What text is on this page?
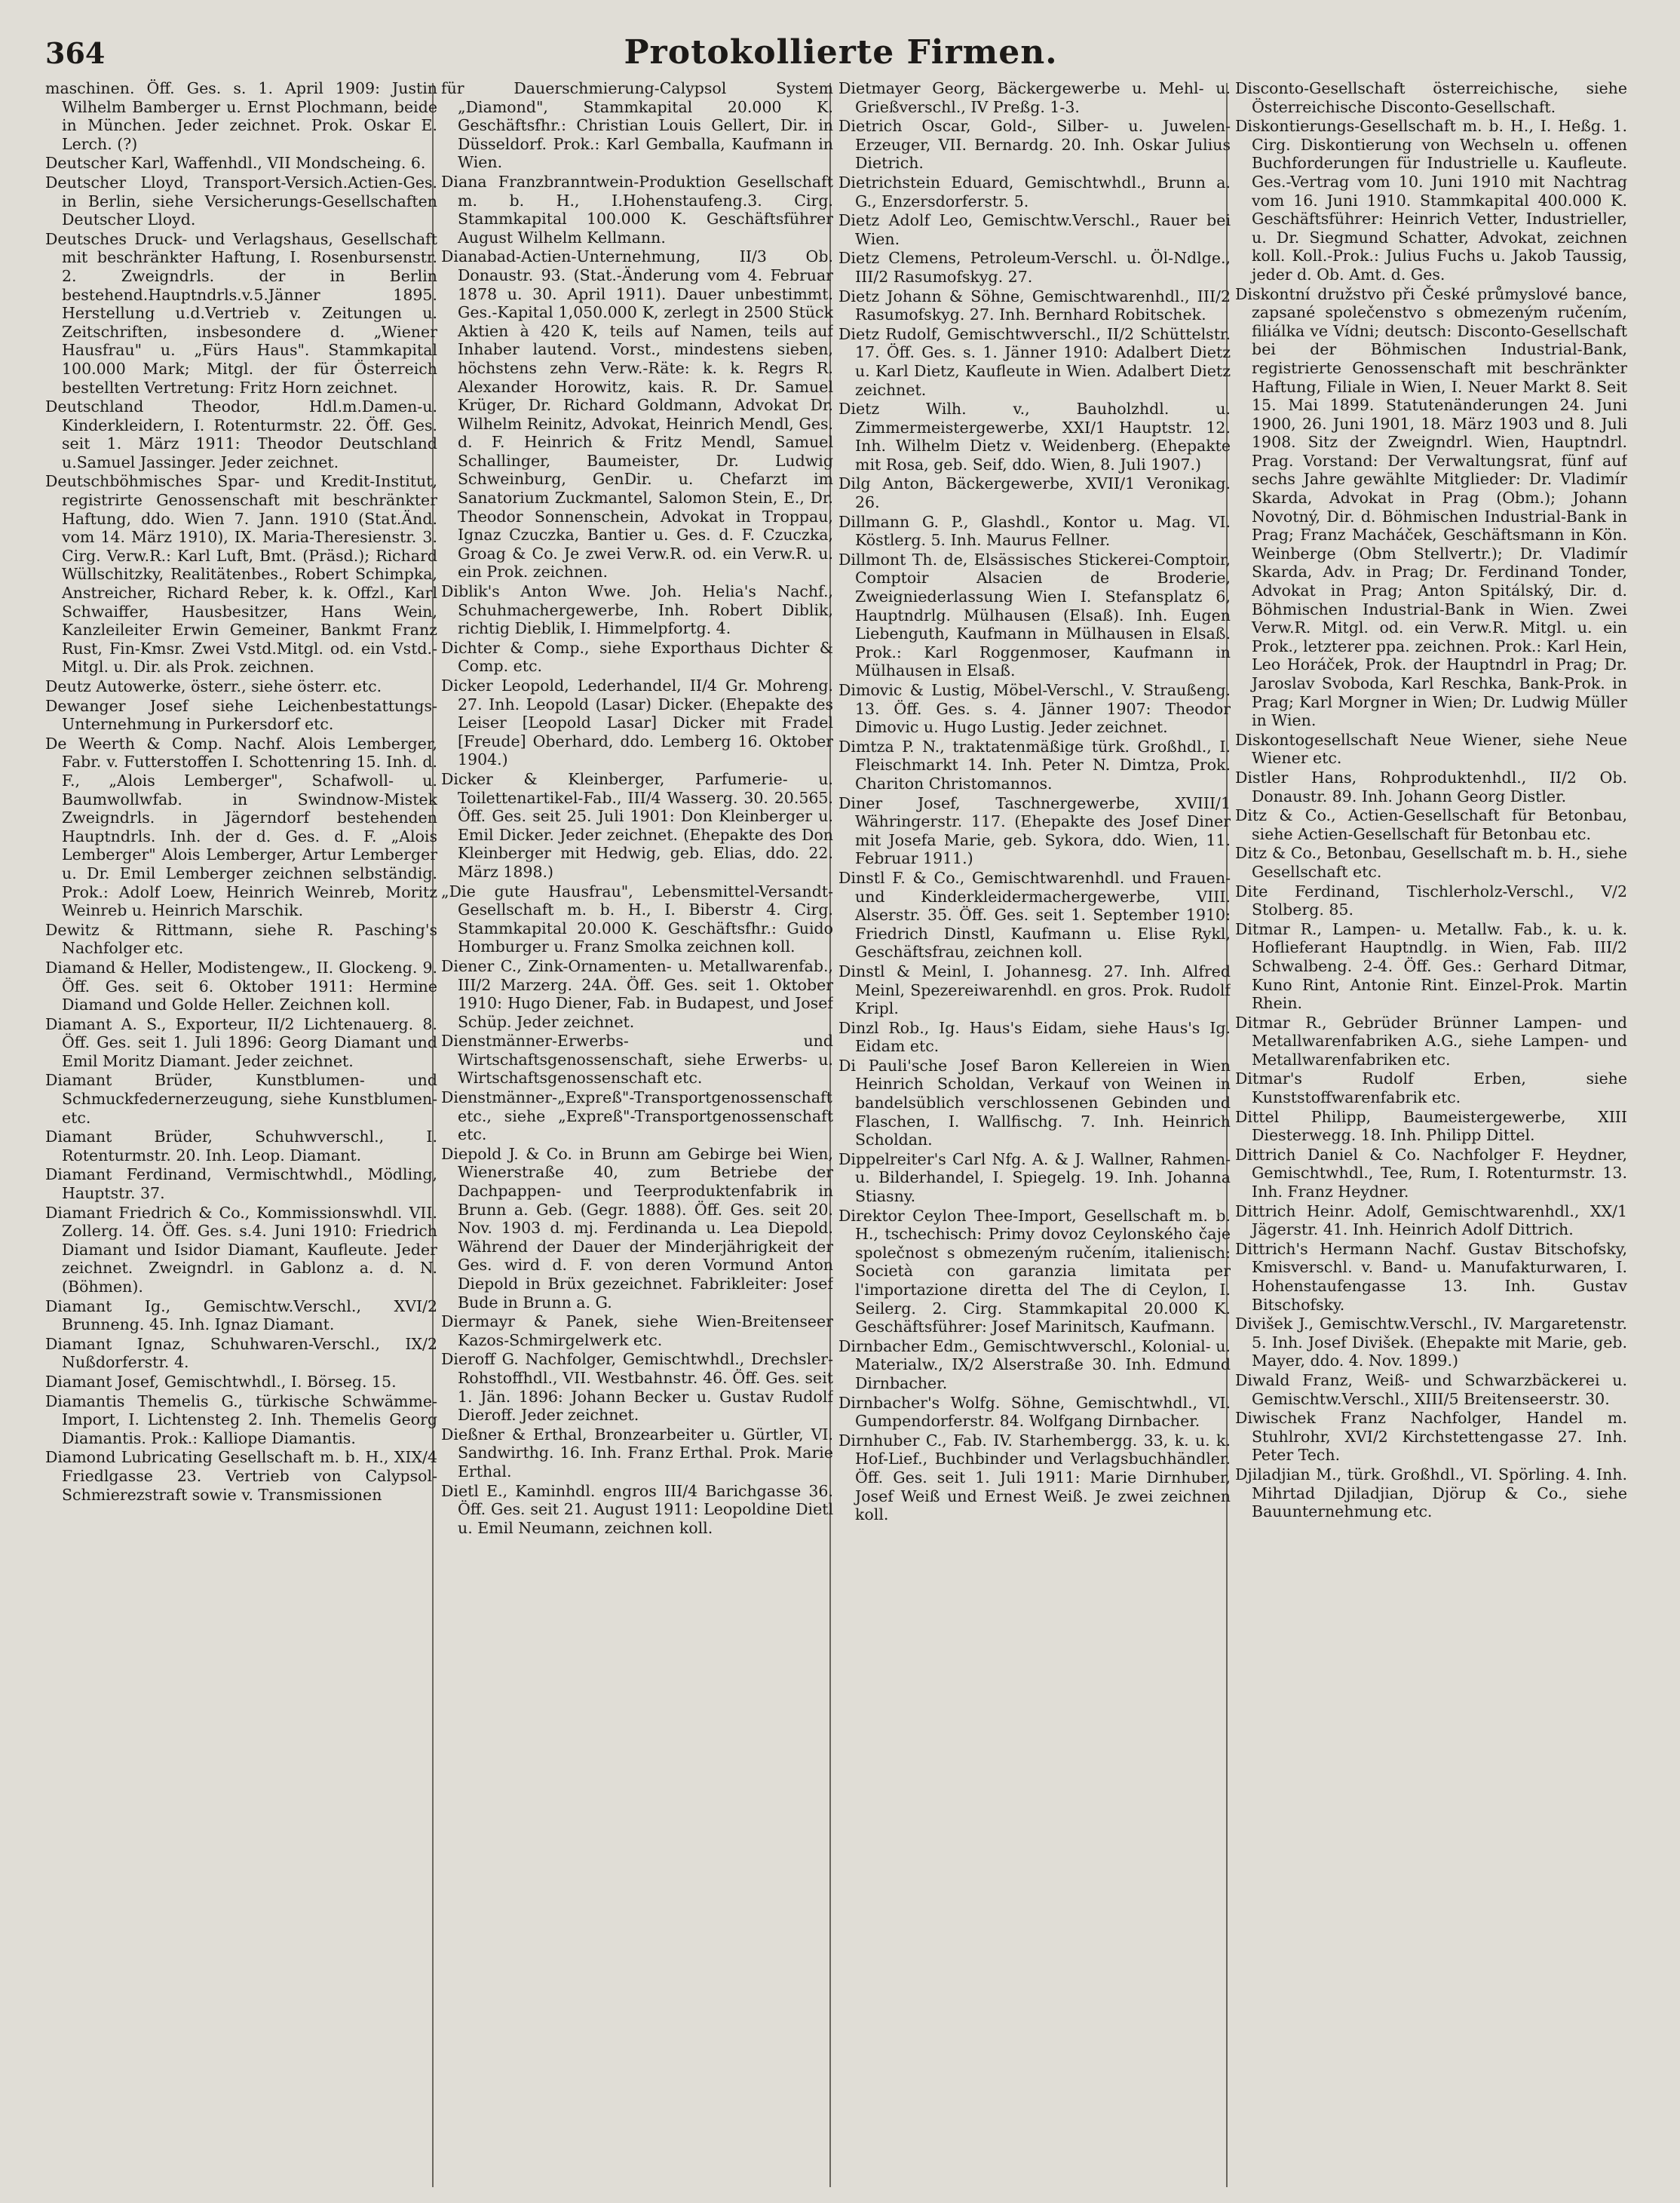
364	Protokollierte Firmen.
maschinen. Öff. Ges. s. 1. April 1909: Justin Wilhelm Bamberger u. Ernst Plochmann, beide in München. Jeder zeichnet. Prok. Oskar E. Lerch. (?)
Deutscher Karl, Waffenhdl., VII Mondscheing. 6.
Deutscher Lloyd, Transport-Versich.Actien-Ges. in Berlin, siehe Versicherungs-Gesellschaften Deutscher Lloyd.
Deutsches Druck- und Verlagshaus, Gesellschaft mit beschränkter Haftung, I. Rosenbursenstr. 2. Zweigndrls. der in Berlin bestehend.Hauptndrls.v.5.Jänner 1895. Herstellung u.d.Vertrieb v. Zeitungen u. Zeitschriften, insbesondere d. „Wiener Hausfrau" u. „Fürs Haus". Stammkapital 100.000 Mark; Mitgl. der für Österreich bestellten Vertretung: Fritz Horn zeichnet.
Deutschland Theodor, Hdl.m.Damen-u. Kinderkleidern, I. Rotenturmstr. 22. Öff. Ges. seit 1. März 1911: Theodor Deutschland u.Samuel Jassinger. Jeder zeichnet.
Deutschböhmisches Spar- und Kredit-Institut, registrirte Genossenschaft mit beschränkter Haftung, ddo. Wien 7. Jann. 1910 (Stat.Änd. vom 14. März 1910), IX. Maria-Theresienstr. 3. Cirg. Verw.R.: Karl Luft, Bmt. (Präsd.); Richard Wüllschitzky, Realitätenbes., Robert Schimpka, Anstreicher, Richard Reber, k. k. Offzl., Karl Schwaiffer, Hausbesitzer, Hans Wein, Kanzleileiter Erwin Gemeiner, Bankmt Franz Rust, Fin-Kmsr. Zwei Vstd.Mitgl. od. ein Vstd.-Mitgl. u. Dir. als Prok. zeichnen.
Deutz Autowerke, österr., siehe österr. etc.
Dewanger Josef siehe Leichenbestattungs-Unternehmung in Purkersdorf etc.
De Weerth & Comp. Nachf. Alois Lemberger, Fabr. v. Futterstoffen I. Schottenring 15. Inh. d. F., „Alois Lemberger", Schafwoll- u. Baumwollwfab. in Swindnow-Mistek Zweigndrls. in Jägerndorf bestehenden Hauptndrls. Inh. der d. Ges. d. F. „Alois Lemberger" Alois Lemberger, Artur Lemberger u. Dr. Emil Lemberger zeichnen selbständig. Prok.: Adolf Loew, Heinrich Weinreb, Moritz Weinreb u. Heinrich Marschik.
Dewitz & Rittmann, siehe R. Pasching's Nachfolger etc.
Diamand & Heller, Modistengew., II. Glockeng. 9. Öff. Ges. seit 6. Oktober 1911: Hermine Diamand und Golde Heller. Zeichnen koll.
Diamant A. S., Exporteur, II/2 Lichtenauerg. 8. Öff. Ges. seit 1. Juli 1896: Georg Diamant und Emil Moritz Diamant. Jeder zeichnet.
Diamant Brüder, Kunstblumen- und Schmuckfedernerzeugung, siehe Kunstblumen- etc.
Diamant Brüder, Schuhwverschl., I. Rotenturmstr. 20. Inh. Leop. Diamant.
Diamant Ferdinand, Vermischtwhdl., Mödling, Hauptstr. 37.
Diamant Friedrich & Co., Kommissionswhdl. VII. Zollerg. 14. Öff. Ges. s.4. Juni 1910: Friedrich Diamant und Isidor Diamant, Kaufleute. Jeder zeichnet. Zweigndrl. in Gablonz a. d. N. (Böhmen).
Diamant Ig., Gemischtw.Verschl., XVI/2 Brunneng. 45. Inh. Ignaz Diamant.
Diamant Ignaz, Schuhwaren-Verschl., IX/2 Nußdorferstr. 4.
Diamant Josef, Gemischtwhdl., I. Börseg. 15.
Diamantis Themelis G., türkische Schwämme-Import, I. Lichtensteg 2. Inh. Themelis Georg Diamantis. Prok.: Kalliope Diamantis.
Diamond Lubricating Gesellschaft m. b. H., XIX/4 Friedlgasse 23. Vertrieb von Calypsol-Schmierezstraft sowie v. Transmissionen
für Dauerschmierung-Calypsol System „Diamond", Stammkapital 20.000 K. Geschäftsfhr.: Christian Louis Gellert, Dir. in Düsseldorf. Prok.: Karl Gemballa, Kaufmann in Wien.
Diana Franzbranntwein-Produktion Gesellschaft m. b. H., I.Hohenstaufeng.3. Cirg. Stammkapital 100.000 K. Geschäftsführer August Wilhelm Kellmann.
Dianabad-Actien-Unternehmung, II/3 Ob. Donaustr. 93. (Stat.-Änderung vom 4. Februar 1878 u. 30. April 1911). Dauer unbestimmt. Ges.-Kapital 1,050.000 K, zerlegt in 2500 Stück Aktien à 420 K, teils auf Namen, teils auf Inhaber lautend. Vorst., mindestens sieben, höchstens zehn Verw.-Räte: k. k. Regrs R. Alexander Horowitz, kais. R. Dr. Samuel Krüger, Dr. Richard Goldmann, Advokat Dr. Wilhelm Reinitz, Advokat, Heinrich Mendl, Ges. d. F. Heinrich & Fritz Mendl, Samuel Schallinger, Baumeister, Dr. Ludwig Schweinburg, GenDir. u. Chefarzt im Sanatorium Zuckmantel, Salomon Stein, E., Dr. Theodor Sonnenschein, Advokat in Troppau, Ignaz Czuczka, Bantier u. Ges. d. F. Czuczka, Groag & Co. Je zwei Verw.R. od. ein Verw.R. u. ein Prok. zeichnen.
Diblik's Anton Wwe. Joh. Helia's Nachf., Schuhmachergewerbe, Inh. Robert Diblik, richtig Dieblik, I. Himmelpfortg. 4.
Dichter & Comp., siehe Exporthaus Dichter & Comp. etc.
Dicker Leopold, Lederhandel, II/4 Gr. Mohreng. 27. Inh. Leopold (Lasar) Dicker. (Ehepakte des Leiser [Leopold Lasar] Dicker mit Fradel [Freude] Oberhard, ddo. Lemberg 16. Oktober 1904.)
Dicker & Kleinberger, Parfumerie- u. Toilettenartikel-Fab., III/4 Wasserg. 30. 20.565. Öff. Ges. seit 25. Juli 1901: Don Kleinberger u. Emil Dicker. Jeder zeichnet. (Ehepakte des Don Kleinberger mit Hedwig, geb. Elias, ddo. 22. März 1898.)
„Die gute Hausfrau", Lebensmittel-Versandt-Gesellschaft m. b. H., I. Biberstr 4. Cirg. Stammkapital 20.000 K. Geschäftsfhr.: Guido Homburger u. Franz Smolka zeichnen koll.
Diener C., Zink-Ornamenten- u. Metallwarenfab., III/2 Marzerg. 24A. Öff. Ges. seit 1. Oktober 1910: Hugo Diener, Fab. in Budapest, und Josef Schüp. Jeder zeichnet.
Dienstmänner-Erwerbs- und Wirtschaftsgenossenschaft, siehe Erwerbs- u. Wirtschaftsgenossenschaft etc.
Dienstmänner-„Expreß"-Transportgenossenschaft etc., siehe „Expreß"-Transportgenossenschaft etc.
Diepold J. & Co. in Brunn am Gebirge bei Wien, Wienerstraße 40, zum Betriebe der Dachpappen- und Teerproduktenfabrik in Brunn a. Geb. (Gegr. 1888). Öff. Ges. seit 20. Nov. 1903 d. mj. Ferdinanda u. Lea Diepold. Während der Dauer der Minderjährigkeit der Ges. wird d. F. von deren Vormund Anton Diepold in Brüx gezeichnet. Fabrikleiter: Josef Bude in Brunn a. G.
Diermayr & Panek, siehe Wien-Breitenseer Kazos-Schmirgelwerk etc.
Dieroff G. Nachfolger, Gemischtwhdl., Drechsler-Rohstoffhdl., VII. Westbahnstr. 46. Öff. Ges. seit 1. Jän. 1896: Johann Becker u. Gustav Rudolf Dieroff. Jeder zeichnet.
Dießner & Erthal, Bronzearbeiter u. Gürtler, VI. Sandwirthg. 16. Inh. Franz Erthal. Prok. Marie Erthal.
Dietl E., Kaminhdl. engros III/4 Barichgasse 36. Öff. Ges. seit 21. August 1911: Leopoldine Dietl u. Emil Neumann, zeichnen koll.
Dietmayer Georg, Bäckergewerbe u. Mehl- u. Grießverschl., IV Preßg. 1-3.
Dietrich Oscar, Gold-, Silber- u. Juwelen-Erzeuger, VII. Bernardg. 20. Inh. Oskar Julius Dietrich.
Dietrichstein Eduard, Gemischtwhdl., Brunn a. G., Enzersdorferstr. 5.
Dietz Adolf Leo, Gemischtw.Verschl., Rauer bei Wien.
Dietz Clemens, Petroleum-Verschl. u. Öl-Ndlge., III/2 Rasumofskyg. 27.
Dietz Johann & Söhne, Gemischtwarenhdl., III/2 Rasumofskyg. 27. Inh. Bernhard Robitschek.
Dietz Rudolf, Gemischtwverschl., II/2 Schüttelstr. 17. Öff. Ges. s. 1. Jänner 1910: Adalbert Dietz u. Karl Dietz, Kaufleute in Wien. Adalbert Dietz zeichnet.
Dietz Wilh. v., Bauholzhdl. u. Zimmermeistergewerbe, XXI/1 Hauptstr. 12. Inh. Wilhelm Dietz v. Weidenberg. (Ehepakte mit Rosa, geb. Seif, ddo. Wien, 8. Juli 1907.)
Dilg Anton, Bäckergewerbe, XVII/1 Veronikag. 26.
Dillmann G. P., Glashdl., Kontor u. Mag. VI. Köstlerg. 5. Inh. Maurus Fellner.
Dillmont Th. de, Elsässisches Stickerei-Comptoir, Comptoir Alsacien de Broderie, Zweigniederlassung Wien I. Stefansplatz 6, Hauptndrlg. Mülhausen (Elsaß). Inh. Eugen Liebenguth, Kaufmann in Mülhausen in Elsaß. Prok.: Karl Roggenmoser, Kaufmann in Mülhausen in Elsaß.
Dimovic & Lustig, Möbel-Verschl., V. Straußeng. 13. Öff. Ges. s. 4. Jänner 1907: Theodor Dimovic u. Hugo Lustig. Jeder zeichnet.
Dimtza P. N., traktatenmäßige türk. Großhdl., I. Fleischmarkt 14. Inh. Peter N. Dimtza, Prok. Chariton Christomannos.
Diner Josef, Taschnergewerbe, XVIII/1 Währingerstr. 117. (Ehepakte des Josef Diner mit Josefa Marie, geb. Sykora, ddo. Wien, 11. Februar 1911.)
Dinstl F. & Co., Gemischtwarenhdl. und Frauen- und Kinderkleidermachergewerbe, VIII. Alserstr. 35. Öff. Ges. seit 1. September 1910: Friedrich Dinstl, Kaufmann u. Elise Rykl, Geschäftsfrau, zeichnen koll.
Dinstl & Meinl, I. Johannesg. 27. Inh. Alfred Meinl, Spezereiwarenhdl. en gros. Prok. Rudolf Kripl.
Dinzl Rob., Ig. Haus's Eidam, siehe Haus's Ig. Eidam etc.
Di Pauli'sche Josef Baron Kellereien in Wien Heinrich Scholdan, Verkauf von Weinen in bandelsüblich verschlossenen Gebinden und Flaschen, I. Wallfischg. 7. Inh. Heinrich Scholdan.
Dippelreiter's Carl Nfg. A. & J. Wallner, Rahmen- u. Bilderhandel, I. Spiegelg. 19. Inh. Johanna Stiasny.
Direktor Ceylon Thee-Import, Gesellschaft m. b. H., tschechisch: Primy dovoz Ceylonského čaje společnost s obmezeným ručením, italienisch: Società con garanzia limitata per l'importazione diretta del The di Ceylon, I. Seilerg. 2. Cirg. Stammkapital 20.000 K. Geschäftsführer: Josef Marinitsch, Kaufmann.
Dirnbacher Edm., Gemischtwverschl., Kolonial- u. Materialw., IX/2 Alserstraße 30. Inh. Edmund Dirnbacher.
Dirnbacher's Wolfg. Söhne, Gemischtwhdl., VI. Gumpendorferstr. 84. Wolfgang Dirnbacher.
Dirnhuber C., Fab. IV. Starhembergg. 33, k. u. k. Hof-Lief., Buchbinder und Verlagsbuchhändler. Öff. Ges. seit 1. Juli 1911: Marie Dirnhuber, Josef Weiß und Ernest Weiß. Je zwei zeichnen koll.
Disconto-Gesellschaft österreichische, siehe Österreichische Disconto-Gesellschaft.
Diskontierungs-Gesellschaft m. b. H., I. Heßg. 1. Cirg. Diskontierung von Wechseln u. offenen Buchforderungen für Industrielle u. Kaufleute. Ges.-Vertrag vom 10. Juni 1910 mit Nachtrag vom 16. Juni 1910. Stammkapital 400.000 K. Geschäftsführer: Heinrich Vetter, Industrieller, u. Dr. Siegmund Schatter, Advokat, zeichnen koll. Koll.-Prok.: Julius Fuchs u. Jakob Taussig, jeder d. Ob. Amt. d. Ges.
Diskontní družstvo při České průmyslové bance, zapsané společenstvo s obmezeným ručením, filiálka ve Vídni; deutsch: Disconto-Gesellschaft bei der Böhmischen Industrial-Bank, registrierte Genossenschaft mit beschränkter Haftung, Filiale in Wien, I. Neuer Markt 8. Seit 15. Mai 1899. Statutenänderungen 24. Juni 1900, 26. Juni 1901, 18. März 1903 und 8. Juli 1908. Sitz der Zweigndrl. Wien, Hauptndrl. Prag. Vorstand: Der Verwaltungsrat, fünf auf sechs Jahre gewählte Mitglieder: Dr. Vladimír Skarda, Advokat in Prag (Obm.); Johann Novotný, Dir. d. Böhmischen Industrial-Bank in Prag; Franz Macháček, Geschäftsmann in Kön. Weinberge (Obm Stellvertr.); Dr. Vladimír Skarda, Adv. in Prag; Dr. Ferdinand Tonder, Advokat in Prag; Anton Spitálský, Dir. d. Böhmischen Industrial-Bank in Wien. Zwei Verw.R. Mitgl. od. ein Verw.R. Mitgl. u. ein Prok., letzterer ppa. zeichnen. Prok.: Karl Hein, Leo Horáček, Prok. der Hauptndrl in Prag; Dr. Jaroslav Svoboda, Karl Reschka, Bank-Prok. in Prag; Karl Morgner in Wien; Dr. Ludwig Müller in Wien.
Diskontogesellschaft Neue Wiener, siehe Neue Wiener etc.
Distler Hans, Rohproduktenhdl., II/2 Ob. Donaustr. 89. Inh. Johann Georg Distler.
Ditz & Co., Actien-Gesellschaft für Betonbau, siehe Actien-Gesellschaft für Betonbau etc.
Ditz & Co., Betonbau, Gesellschaft m. b. H., siehe Gesellschaft etc.
Dite Ferdinand, Tischlerholz-Verschl., V/2 Stolberg. 85.
Ditmar R., Lampen- u. Metallw. Fab., k. u. k. Hoflieferant Hauptndlg. in Wien, Fab. III/2 Schwalbeng. 2-4. Öff. Ges.: Gerhard Ditmar, Kuno Rint, Antonie Rint. Einzel-Prok. Martin Rhein.
Ditmar R., Gebrüder Brünner Lampen- und Metallwarenfabriken A.G., siehe Lampen- und Metallwarenfabriken etc.
Ditmar's Rudolf Erben, siehe Kunststoffwarenfabrik etc.
Dittel Philipp, Baumeistergewerbe, XIII Diesterwegg. 18. Inh. Philipp Dittel.
Dittrich Daniel & Co. Nachfolger F. Heydner, Gemischtwhdl., Tee, Rum, I. Rotenturmstr. 13. Inh. Franz Heydner.
Dittrich Heinr. Adolf, Gemischtwarenhdl., XX/1 Jägerstr. 41. Inh. Heinrich Adolf Dittrich.
Dittrich's Hermann Nachf. Gustav Bitschofsky, Kmisverschl. v. Band- u. Manufakturwaren, I. Hohenstaufengasse 13. Inh. Gustav Bitschofsky.
Divišek J., Gemischtw.Verschl., IV. Margaretenstr. 5. Inh. Josef Divišek. (Ehepakte mit Marie, geb. Mayer, ddo. 4. Nov. 1899.)
Diwald Franz, Weiß- und Schwarzbäckerei u. Gemischtw.Verschl., XIII/5 Breitenseerstr. 30.
Diwischek Franz Nachfolger, Handel m. Stuhlrohr, XVI/2 Kirchstettengasse 27. Inh. Peter Tech.
Djiladjian M., türk. Großhdl., VI. Spörling. 4. Inh. Mihrtad Djiladjian, Djörup & Co., siehe Bauunternehmung etc.
